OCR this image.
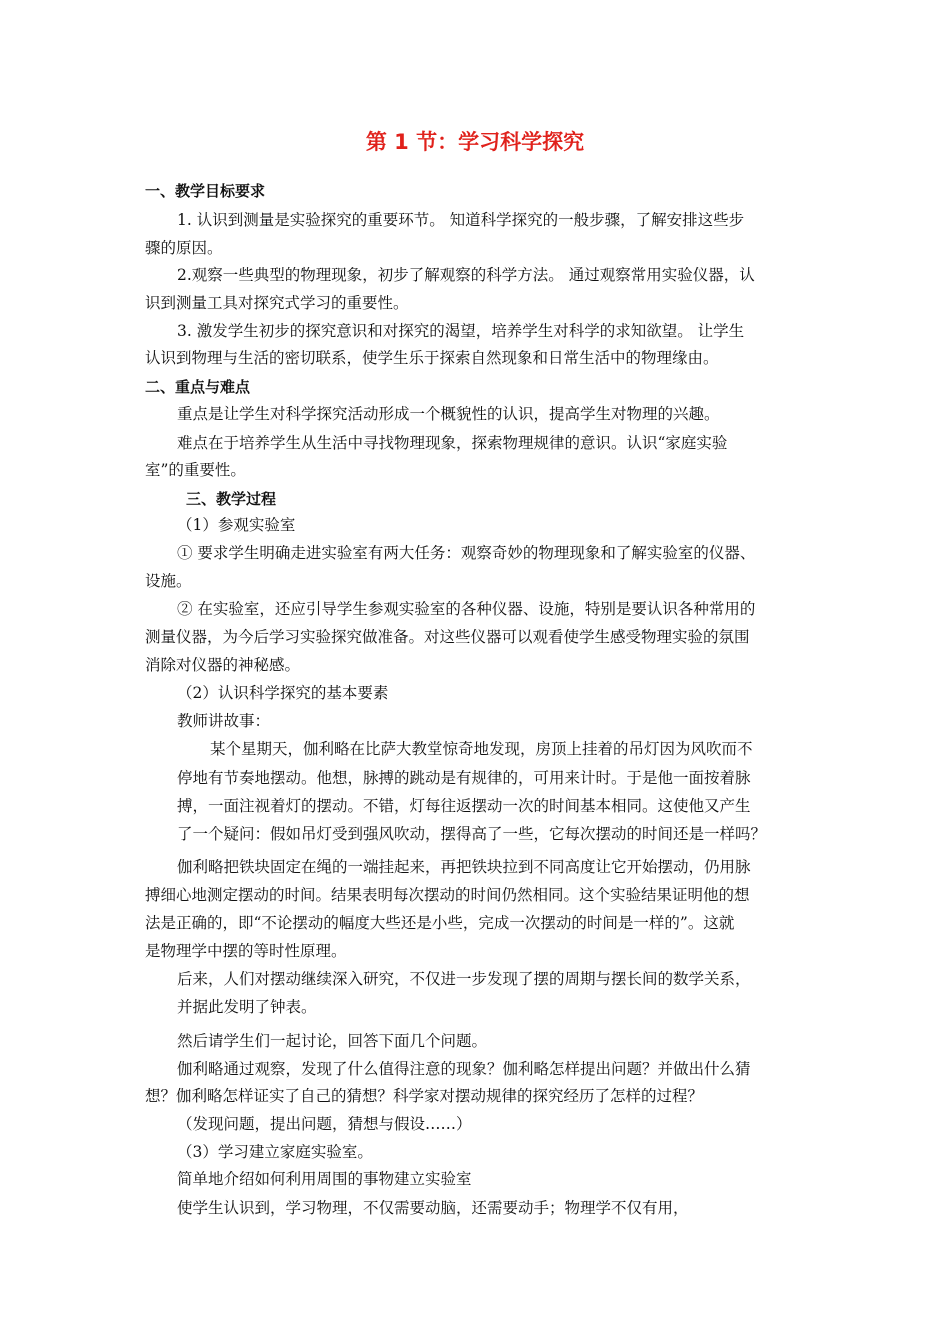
第 1 节：学习科学探究
一、教学目标要求
1. 认识到测量是实验探究的重要环节。 知道科学探究的一般步骤，了解安排这些步
骤的原因。
2.观察一些典型的物理现象，初步了解观察的科学方法。 通过观察常用实验仪器，认
识到测量工具对探究式学习的重要性。
3. 激发学生初步的探究意识和对探究的渴望，培养学生对科学的求知欲望。 让学生
认识到物理与生活的密切联系，使学生乐于探索自然现象和日常生活中的物理缘由。
二、重点与难点
重点是让学生对科学探究活动形成一个概貌性的认识，提高学生对物理的兴趣。
难点在于培养学生从生活中寻找物理现象，探索物理规律的意识。认识“家庭实验
室”的重要性。
三、教学过程
（1）参观实验室
① 要求学生明确走进实验室有两大任务：观察奇妙的物理现象和了解实验室的仪器、
设施。
② 在实验室，还应引导学生参观实验室的各种仪器、设施，特别是要认识各种常用的
测量仪器，为今后学习实验探究做准备。对这些仪器可以观看使学生感受物理实验的氛围
消除对仪器的神秘感。
（2）认识科学探究的基本要素
教师讲故事：
某个星期天，伽利略在比萨大教堂惊奇地发现，房顶上挂着的吊灯因为风吹而不
停地有节奏地摆动。他想，脉搏的跳动是有规律的，可用来计时。于是他一面按着脉
搏，一面注视着灯的摆动。不错，灯每往返摆动一次的时间基本相同。这使他又产生
了一个疑问：假如吊灯受到强风吹动，摆得高了一些，它每次摆动的时间还是一样吗？
伽利略把铁块固定在绳的一端挂起来，再把铁块拉到不同高度让它开始摆动，仍用脉
搏细心地测定摆动的时间。结果表明每次摆动的时间仍然相同。这个实验结果证明他的想
法是正确的，即“不论摆动的幅度大些还是小些，完成一次摆动的时间是一样的”。这就
是物理学中摆的等时性原理。
后来，人们对摆动继续深入研究，不仅进一步发现了摆的周期与摆长间的数学关系，
并据此发明了钟表。
然后请学生们一起讨论，回答下面几个问题。
伽利略通过观察，发现了什么值得注意的现象？伽利略怎样提出问题？并做出什么猜
想？伽利略怎样证实了自己的猜想？科学家对摆动规律的探究经历了怎样的过程？
（发现问题，提出问题，猜想与假设……）
（3）学习建立家庭实验室。
简单地介绍如何利用周围的事物建立实验室
使学生认识到，学习物理，不仅需要动脑，还需要动手；物理学不仅有用，
